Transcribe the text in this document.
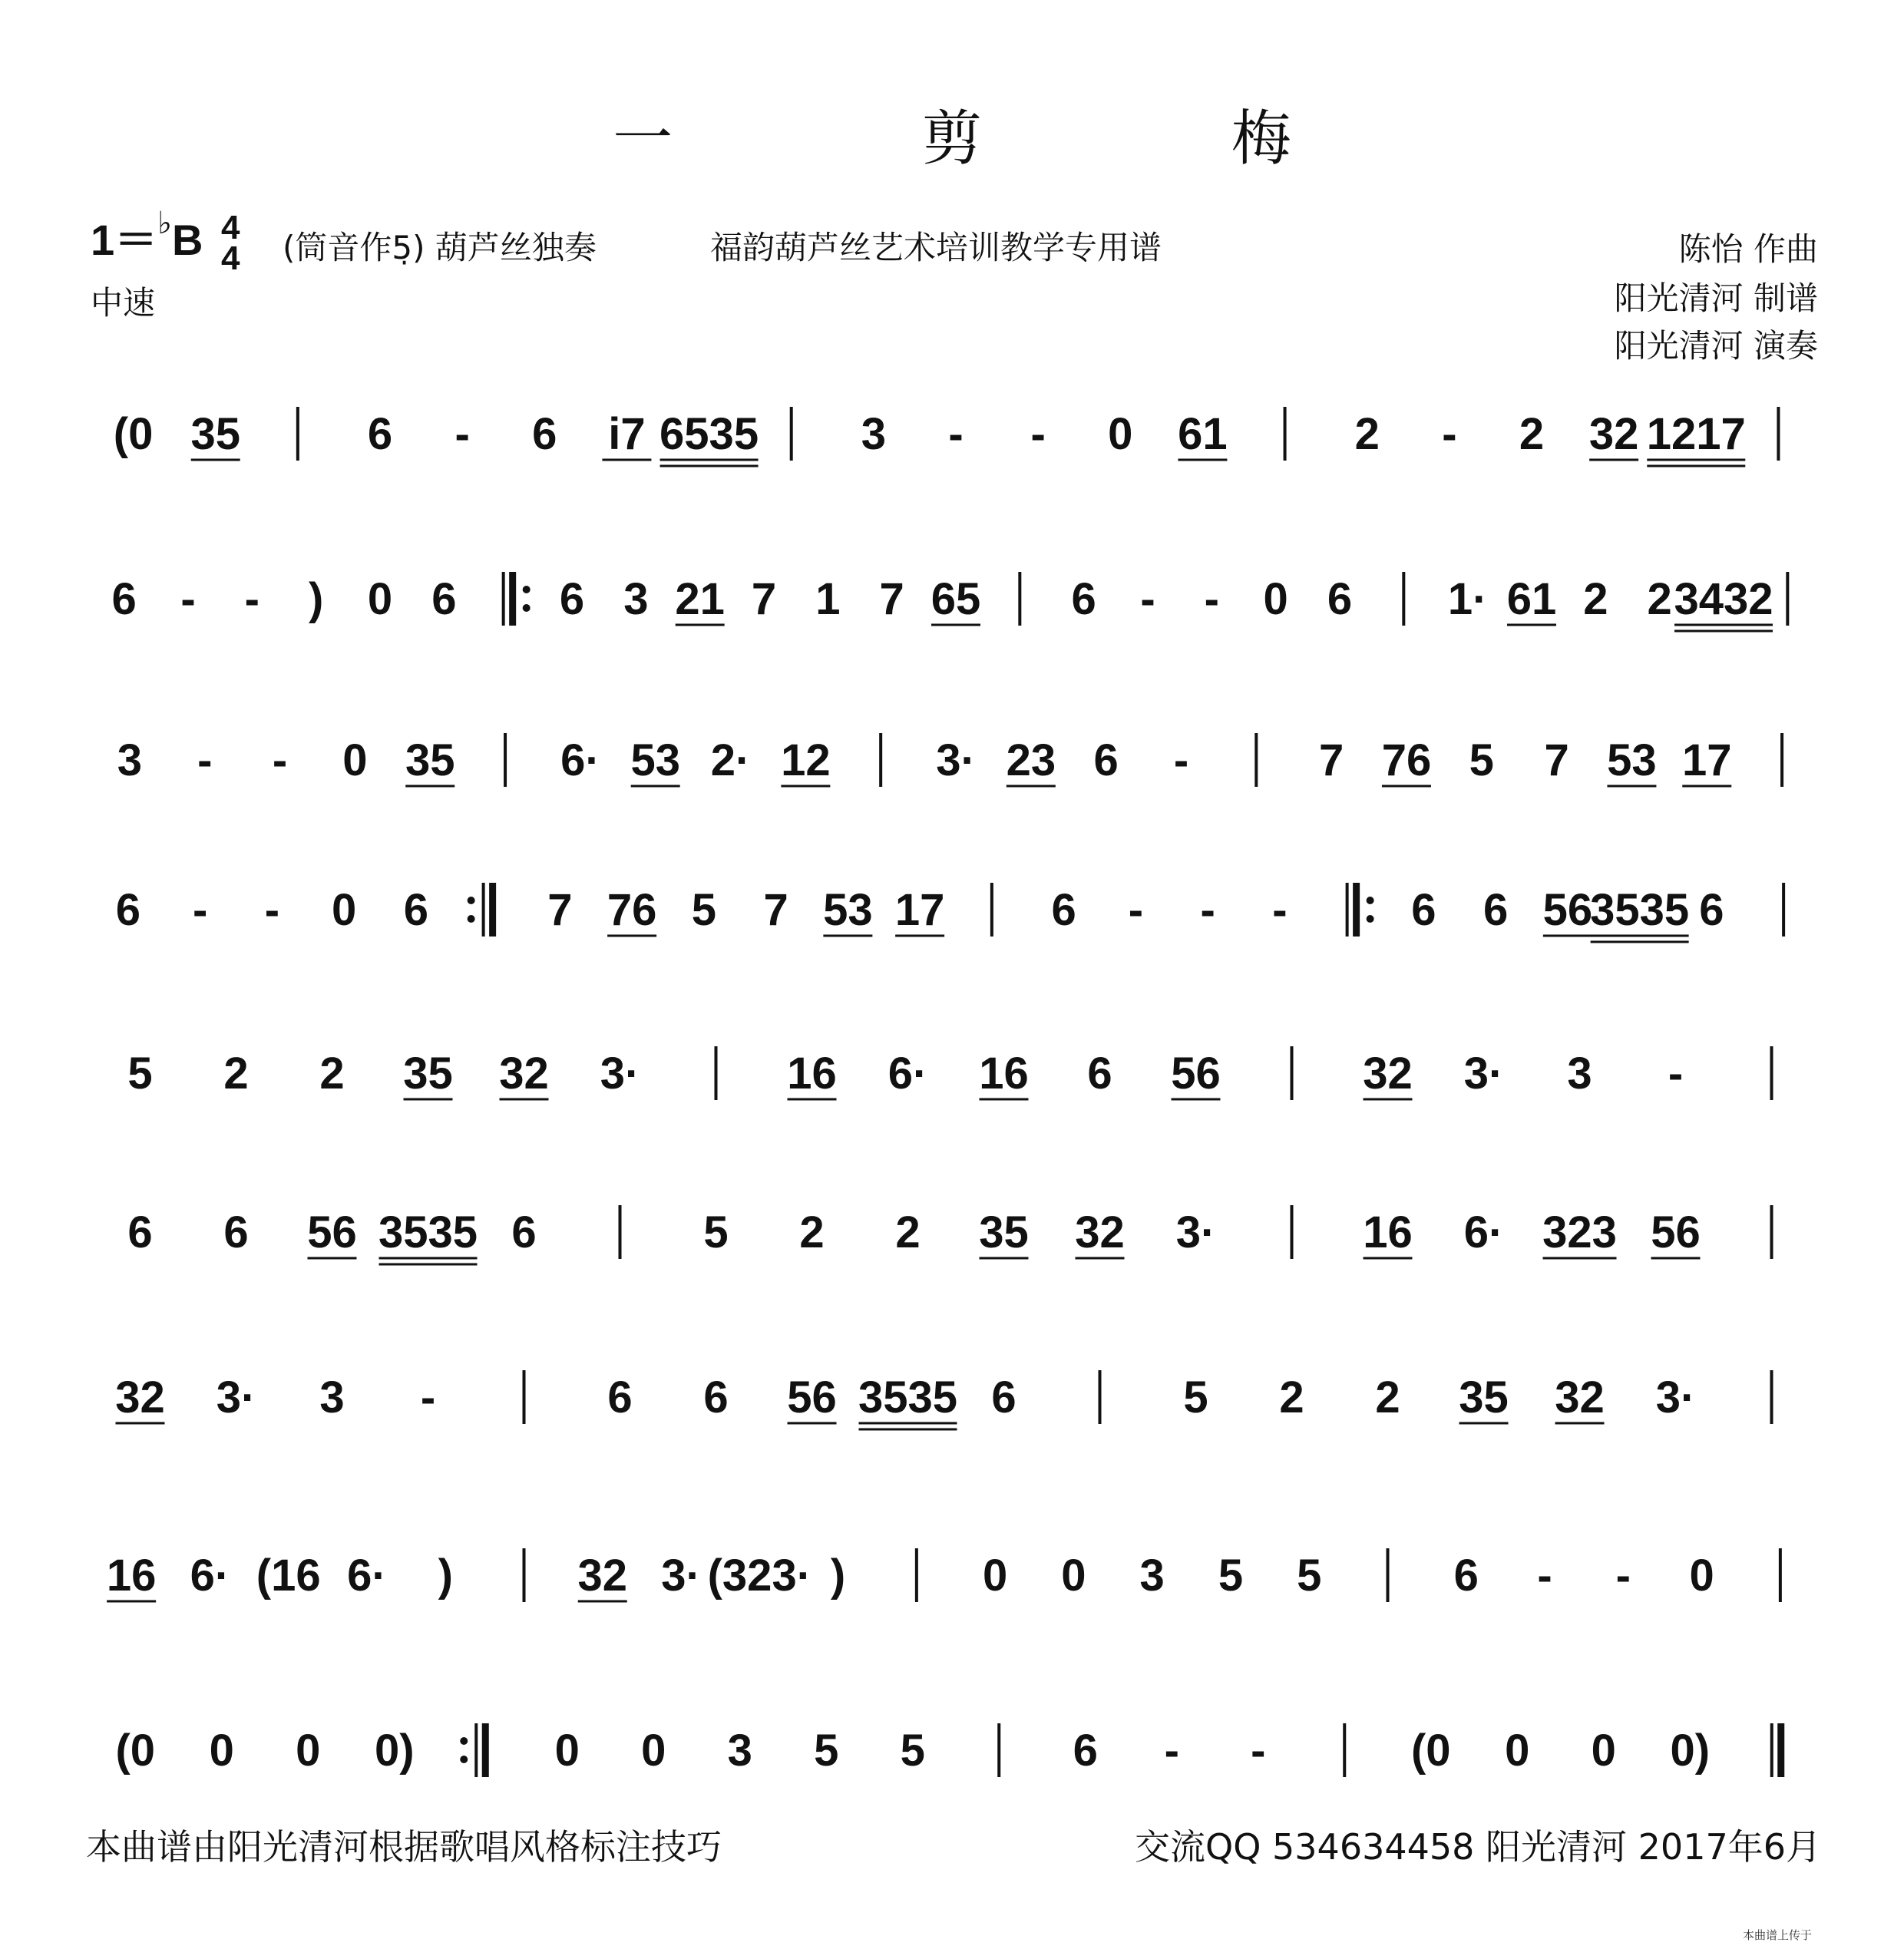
一 剪 梅
1＝♭B 4
4 (筒音作5̣) 葫芦丝独奏	福韵葫芦丝艺术培训教学专用谱
中速
陈怡 作曲
阳光清河 制谱
阳光清河 演奏
(0 35	6 - 6 i7 6535 3 - - 0 61	2 - 2 32 1217
6 - - ) 0 6 6 3 21 7 1 7 65 6 - - 0 6 1· 61 2 2 3432
3 - - 0 35 6· 53 2· 12 3· 23 6 -	7 76 5 7 53 17
6 - - 0 6	7 76 5 7 53 17 6 - - -	6 6 56
3535 6
5 2 2 35 32 3·	16 6· 16 6 56	32 3· 3 -
6 6 56 3535 6	5 2 2 35 32 3·	16 6· 323 56
32 3· 3 -	6 6 56 3535 6	5 2 2 35 32 3·
16 6· (16 6· )	32 3· (323· )	0 0 3 5 5	6 - - 0
(0 0 0 0)	0 0 3 5 5	6 - -	(0 0 0 0)
本曲谱由阳光清河根据歌唱风格标注技巧	交流QQ 534634458 阳光清河 2017年6月
本曲谱上传于
